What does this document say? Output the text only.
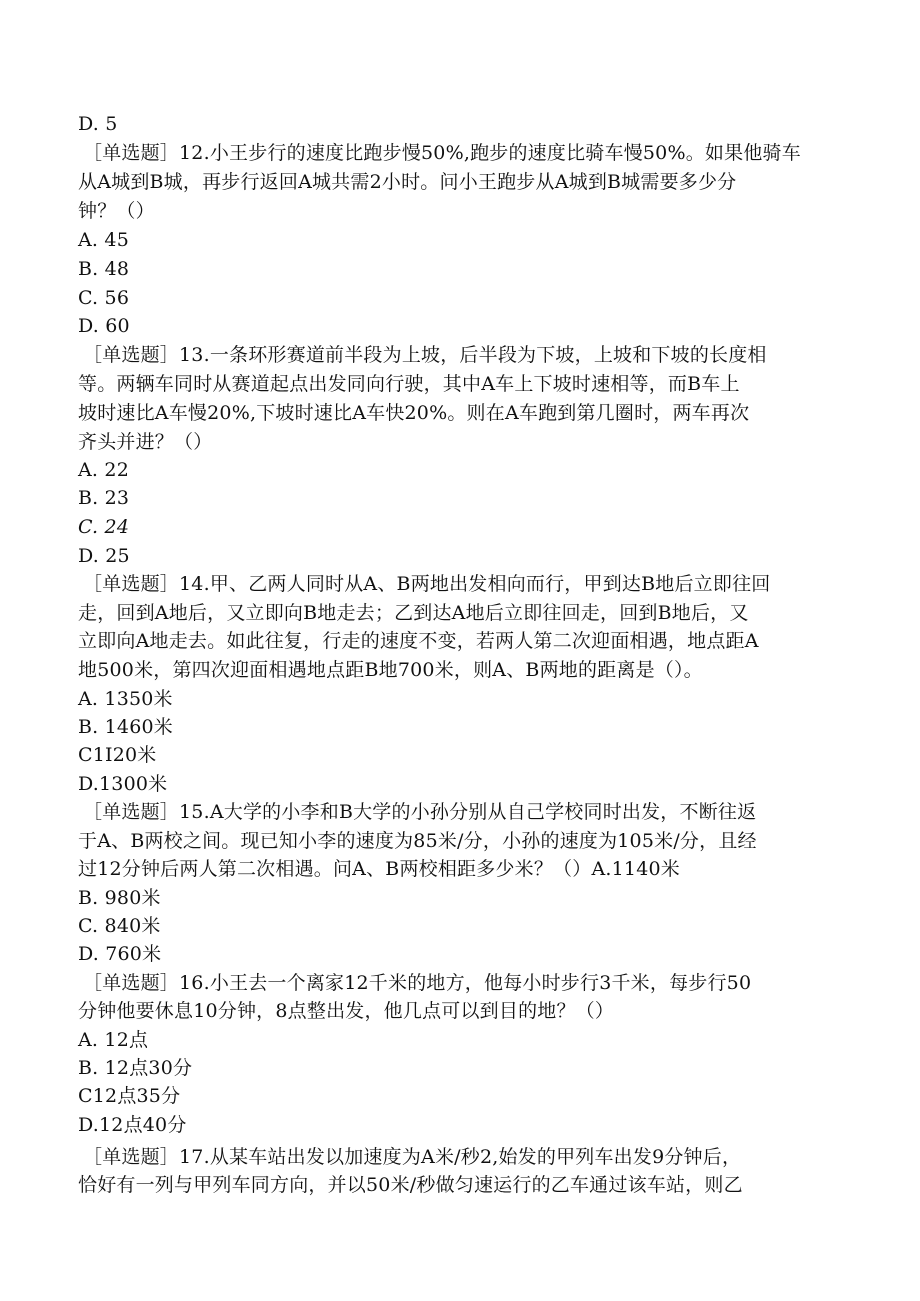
D. 5
［单选题］12.小王步行的速度比跑步慢50%,跑步的速度比骑车慢50%。如果他骑车
从A城到B城，再步行返回A城共需2小时。问小王跑步从A城到B城需要多少分
钟？（）
A. 45
B. 48
C. 56
D. 60
［单选题］13.一条环形赛道前半段为上坡，后半段为下坡，上坡和下坡的长度相
等。两辆车同时从赛道起点出发同向行驶，其中A车上下坡时速相等，而B车上
坡时速比A车慢20%,下坡时速比A车快20%。则在A车跑到第几圈时，两车再次
齐头并进？（）
A. 22
B. 23
C. 24
D. 25
［单选题］14.甲、乙两人同时从A、B两地出发相向而行，甲到达B地后立即往回
走，回到A地后，又立即向B地走去；乙到达A地后立即往回走，回到B地后，又
立即向A地走去。如此往复，行走的速度不变，若两人第二次迎面相遇，地点距A
地500米，第四次迎面相遇地点距B地700米，则A、B两地的距离是（）。
A. 1350米
B. 1460米
C1I20米
D.1300米
［单选题］15.A大学的小李和B大学的小孙分别从自己学校同时出发，不断往返
于A、B两校之间。现已知小李的速度为85米/分，小孙的速度为105米/分，且经
过12分钟后两人第二次相遇。问A、B两校相距多少米？（）A.1140米
B. 980米
C. 840米
D. 760米
［单选题］16.小王去一个离家12千米的地方，他每小时步行3千米，每步行50
分钟他要休息10分钟，8点整出发，他几点可以到目的地？（）
A. 12点
B. 12点30分
C12点35分
D.12点40分
［单选题］17.从某车站出发以加速度为A米/秒2,始发的甲列车出发9分钟后，
恰好有一列与甲列车同方向，并以50米/秒做匀速运行的乙车通过该车站，则乙
